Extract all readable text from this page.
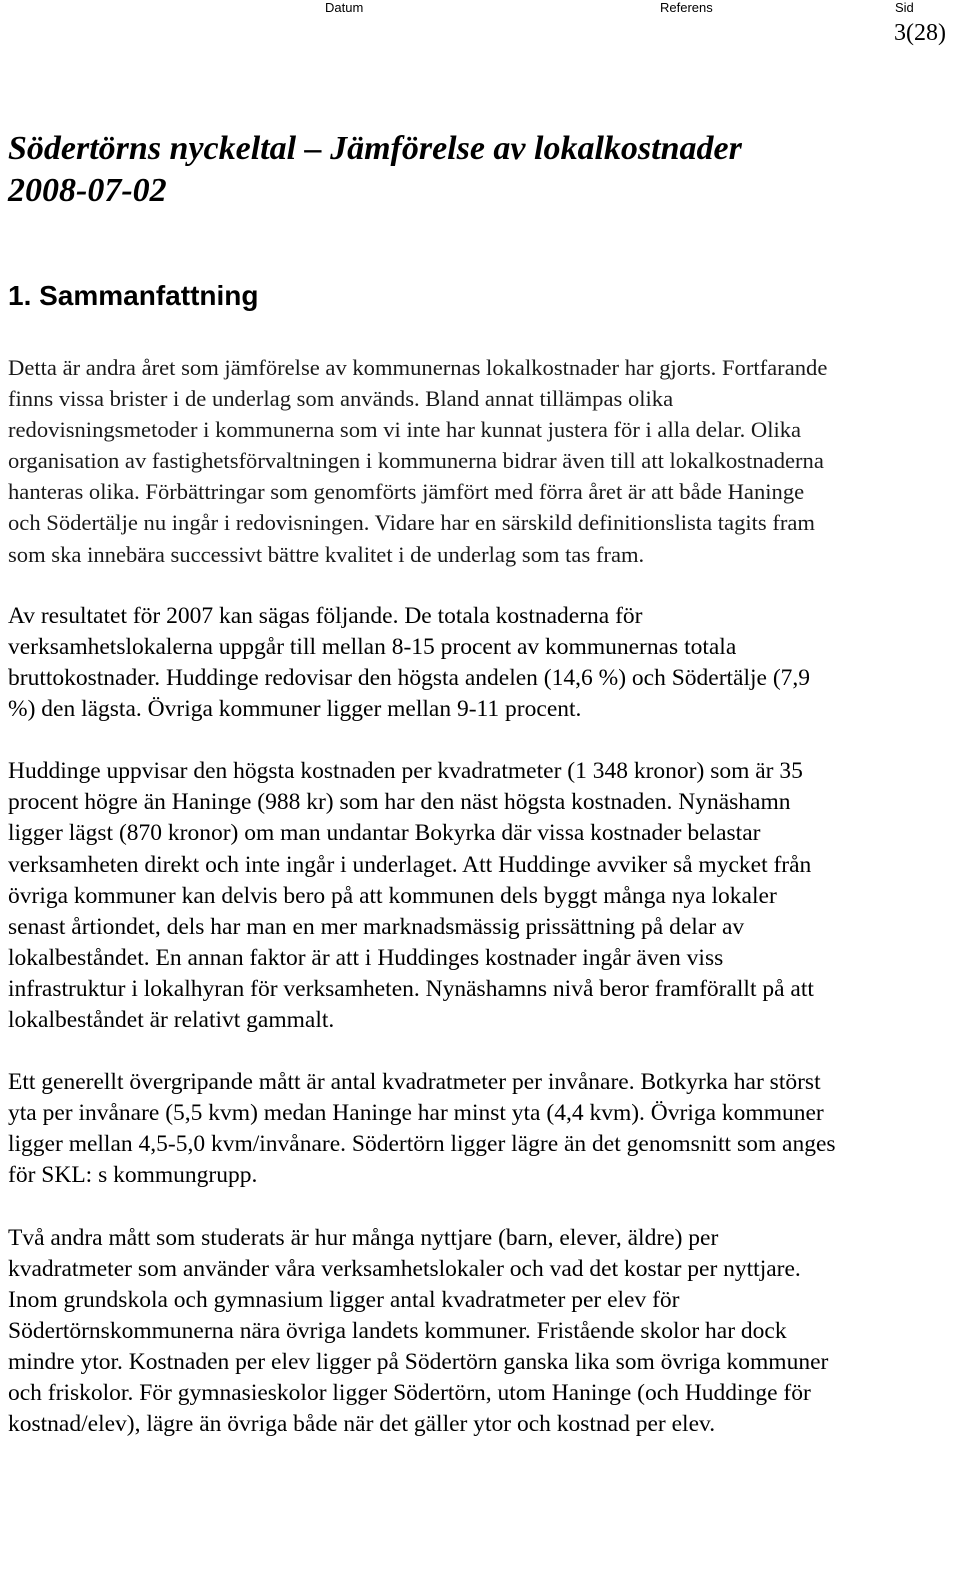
Datum	Referens	Sid
3(28)
Södertörns nyckeltal – Jämförelse av lokalkostnader
2008-07-02
1. Sammanfattning

Detta är andra året som jämförelse av kommunernas lokalkostnader har gjorts. Fortfarande finns vissa brister i de underlag som används. Bland annat tillämpas olika redovisningsmetoder i kommunerna som vi inte har kunnat justera för i alla delar. Olika organisation av fastighetsförvaltningen i kommunerna bidrar även till att lokalkostnaderna hanteras olika. Förbättringar som genomförts jämfört med förra året är att både Haninge och Södertälje nu ingår i redovisningen. Vidare har en särskild definitionslista tagits fram som ska innebära successivt bättre kvalitet i de underlag som tas fram.

Av resultatet för 2007 kan sägas följande. De totala kostnaderna för verksamhetslokalerna uppgår till mellan 8-15 procent av kommunernas totala bruttokostnader. Huddinge redovisar den högsta andelen (14,6 %) och Södertälje (7,9 %) den lägsta. Övriga kommuner ligger mellan 9-11 procent.

Huddinge uppvisar den högsta kostnaden per kvadratmeter (1 348 kronor) som är 35 procent högre än Haninge (988 kr) som har den näst högsta kostnaden. Nynäshamn ligger lägst (870 kronor) om man undantar Bokyrka där vissa kostnader belastar verksamheten direkt och inte ingår i underlaget. Att Huddinge avviker så mycket från övriga kommuner kan delvis bero på att kommunen dels byggt många nya lokaler senast årtiondet, dels har man en mer marknadsmässig prissättning på delar av lokalbeståndet. En annan faktor är att i Huddinges kostnader ingår även viss infrastruktur i lokalhyran för verksamheten. Nynäshamns nivå beror framförallt på att lokalbeståndet är relativt gammalt.

Ett generellt övergripande mått är antal kvadratmeter per invånare. Botkyrka har störst yta per invånare (5,5 kvm) medan Haninge har minst yta (4,4 kvm). Övriga kommuner ligger mellan 4,5-5,0 kvm/invånare. Södertörn ligger lägre än det genomsnitt som anges för SKL: s kommungrupp.

Två andra mått som studerats är hur många nyttjare (barn, elever, äldre) per kvadratmeter som använder våra verksamhetslokaler och vad det kostar per nyttjare. Inom grundskola och gymnasium ligger antal kvadratmeter per elev för Södertörnskommunerna nära övriga landets kommuner. Fristående skolor har dock mindre ytor. Kostnaden per elev ligger på Södertörn ganska lika som övriga kommuner och friskolor. För gymnasieskolor ligger Södertörn, utom Haninge (och Huddinge för kostnad/elev), lägre än övriga både när det gäller ytor och kostnad per elev.
